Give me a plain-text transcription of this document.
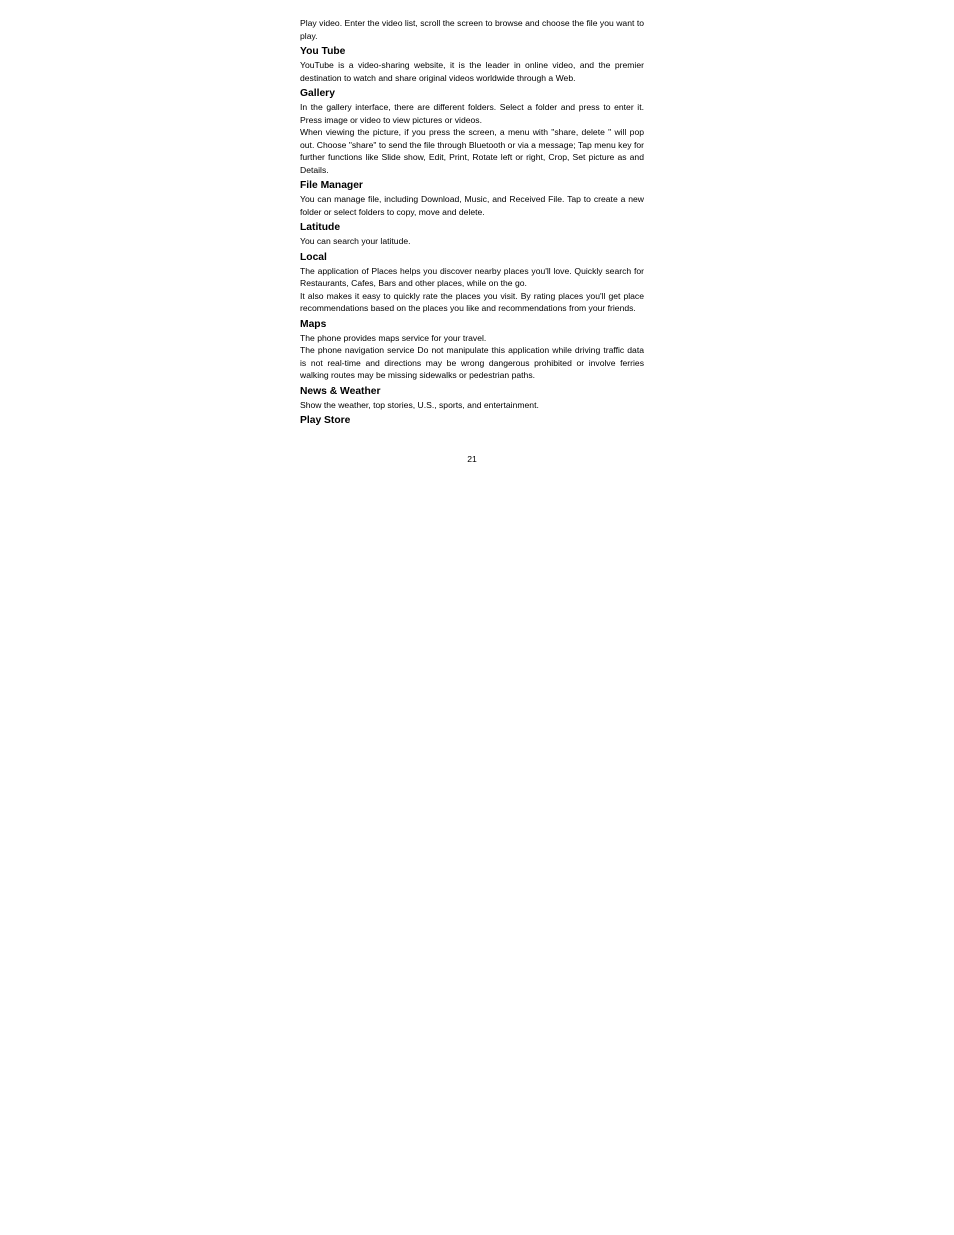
Play video. Enter the video list, scroll the screen to browse and choose the file you want to play.

You Tube

YouTube is a video-sharing website, it is the leader in online video, and the premier destination to watch and share original videos worldwide through a Web.

Gallery

In the gallery interface, there are different folders. Select a folder and press to enter it. Press image or video to view pictures or videos.

When viewing the picture, if you press the screen, a menu with "share, delete " will pop out. Choose "share" to send the file through Bluetooth or via a message; Tap menu key for further functions like Slide show, Edit, Print, Rotate left or right, Crop, Set picture as and Details.

File Manager

You can manage file, including Download, Music, and Received File. Tap to create a new folder or select folders to copy, move and delete.

Latitude

You can search your latitude.

Local

The application of Places helps you discover nearby places you'll love. Quickly search for Restaurants, Cafes, Bars and other places, while on the go.

It also makes it easy to quickly rate the places you visit. By rating places you'll get place recommendations based on the places you like and recommendations from your friends.

Maps

The phone provides maps service for your travel.

The phone navigation service Do not manipulate this application while driving traffic data is not real-time and directions may be wrong dangerous prohibited or involve ferries walking routes may be missing sidewalks or pedestrian paths.

News & Weather

Show the weather, top stories, U.S., sports, and entertainment.

Play Store
21
